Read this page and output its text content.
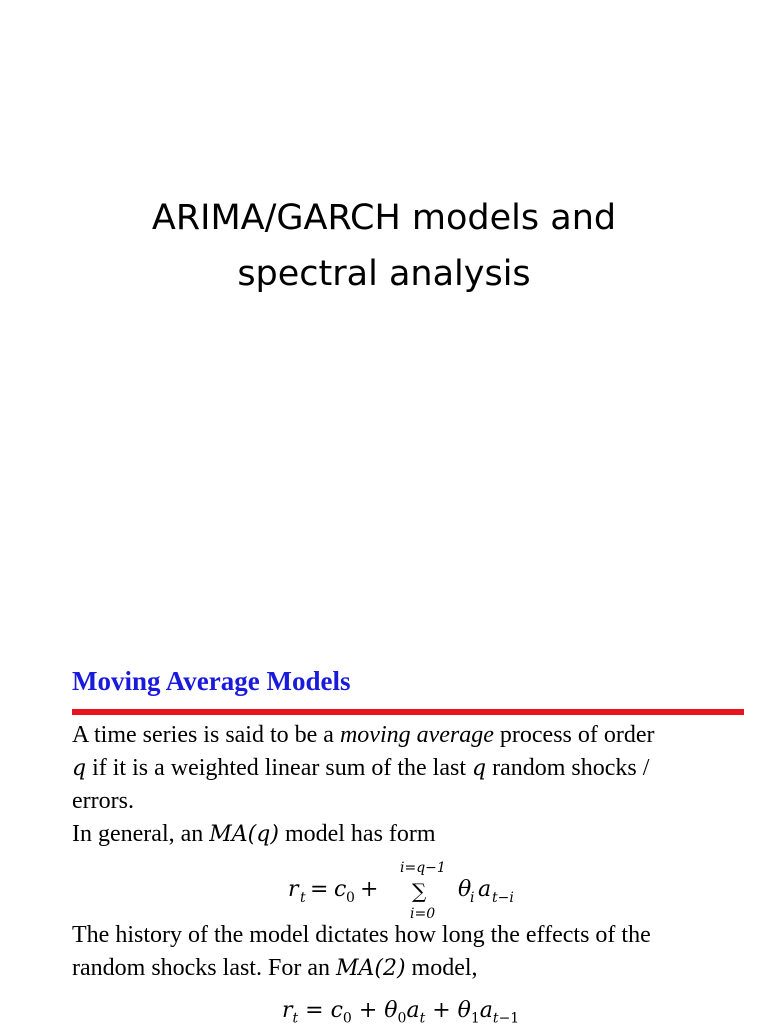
ARIMA/GARCH models and
spectral analysis
Moving Average Models
A time series is said to be a moving average process of order
q if it is a weighted linear sum of the last q random shocks /
errors.
In general, an MA(q) model has form
r t = c 0 +
i=q−1
∑
i=0
θ
i a t−i
The history of the model dictates how long the effects of the
random shocks last. For an MA(2) model,
$r_t = c_0 + \theta_0a_t + \theta_1a_{t-1}$
